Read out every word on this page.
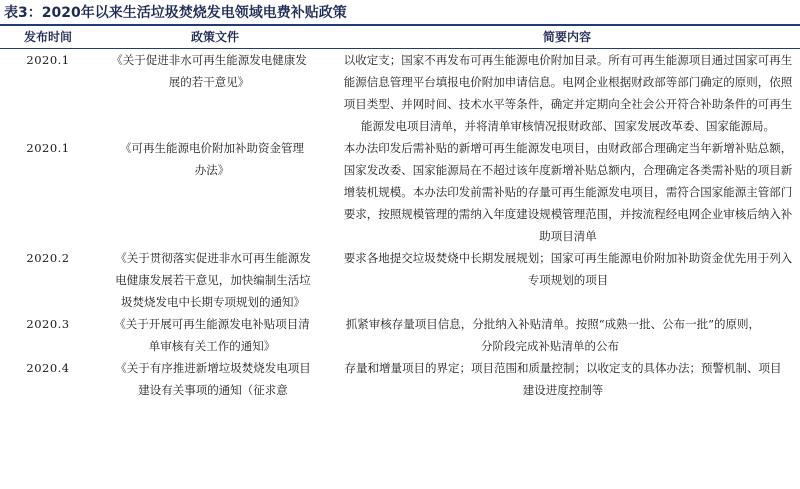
表3：2020年以来生活垃圾焚烧发电领域电费补贴政策
发布时间	政策文件	简要内容
2020.1	《关于促进非水可再生能源发电健康发展的若干意见》	以收定支；国家不再发布可再生能源电价附加目录。所有可再生能源项目通过国家可再生能源信息管理平台填报电价附加申请信息。电网企业根据财政部等部门确定的原则，依照项目类型、并网时间、技术水平等条件，确定并定期向全社会公开符合补助条件的可再生能源发电项目清单，并将清单审核情况报财政部、国家发展改革委、国家能源局。

2020.1	《可再生能源电价附加补助资金管理办法》	本办法印发后需补贴的新增可再生能源发电项目，由财政部合理确定当年新增补贴总额，国家发改委、国家能源局在不超过该年度新增补贴总额内，合理确定各类需补贴的项目新增装机规模。本办法印发前需补贴的存量可再生能源发电项目，需符合国家能源主管部门要求，按照规模管理的需纳入年度建设规模管理范围，并按流程经电网企业审核后纳入补助项目清单

2020.2	《关于贯彻落实促进非水可再生能源发电健康发展若干意见，加快编制生活垃圾焚烧发电中长期专项规划的通知》	要求各地提交垃圾焚烧中长期发展规划；国家可再生能源电价附加补助资金优先用于列入专项规划的项目

2020.3	《关于开展可再生能源发电补贴项目清单审核有关工作的通知》	抓紧审核存量项目信息，分批纳入补贴清单。按照“成熟一批、公布一批”的原则，　分阶段完成补贴清单的公布

2020.4	《关于有序推进新增垃圾焚烧发电项目建设有关事项的通知（征求意	存量和增量项目的界定；项目范围和质量控制；以收定支的具体办法；预警机制、项目建设进度控制等
